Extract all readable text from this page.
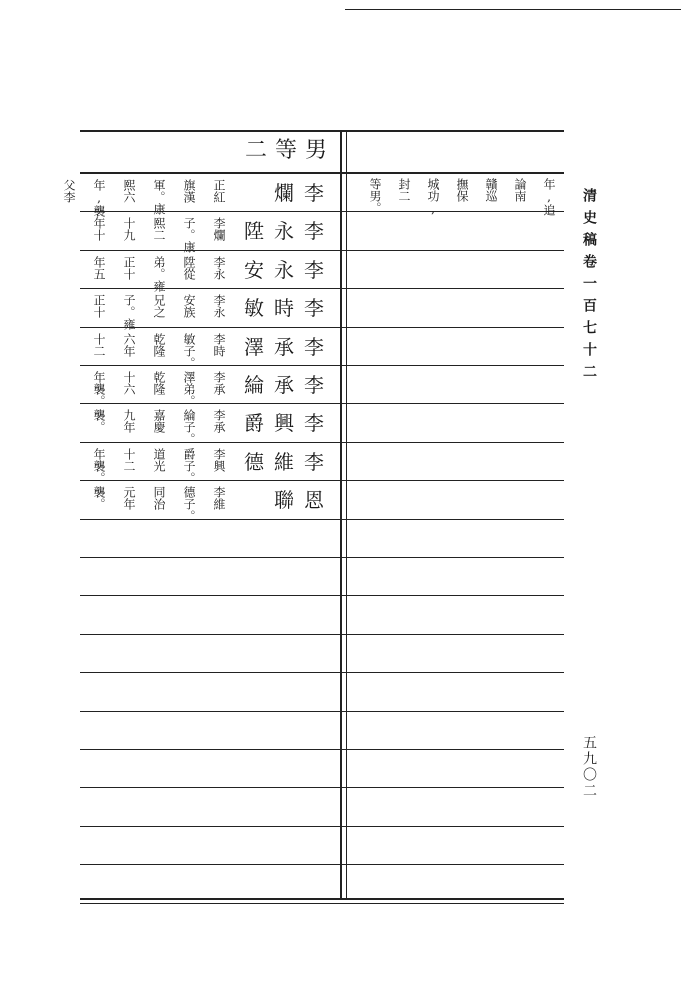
二等男
李爛
正紅
旗漢
軍。康
熙六
年,襲
父李
李永陞
李爛
子。康
熙二
十九
年十
李永安
李永
陞從
弟。雍
正十
年五
李時敏
李永
安族
兄之
子。雍
正十
李承澤
李時
敏子。
乾隆
六年
十二
李承綸
李承
澤弟。
乾隆
十六
年襲。
李興爵
李承
綸子。
嘉慶
九年
襲。
李維德
李興
爵子。
道光
十二
年襲。
恩聯
李維
德子。
同治
元年
襲。
年,追
論南
贛巡
撫保
城功,
封二
等男。	清史稿卷一百七十二
五九〇二
